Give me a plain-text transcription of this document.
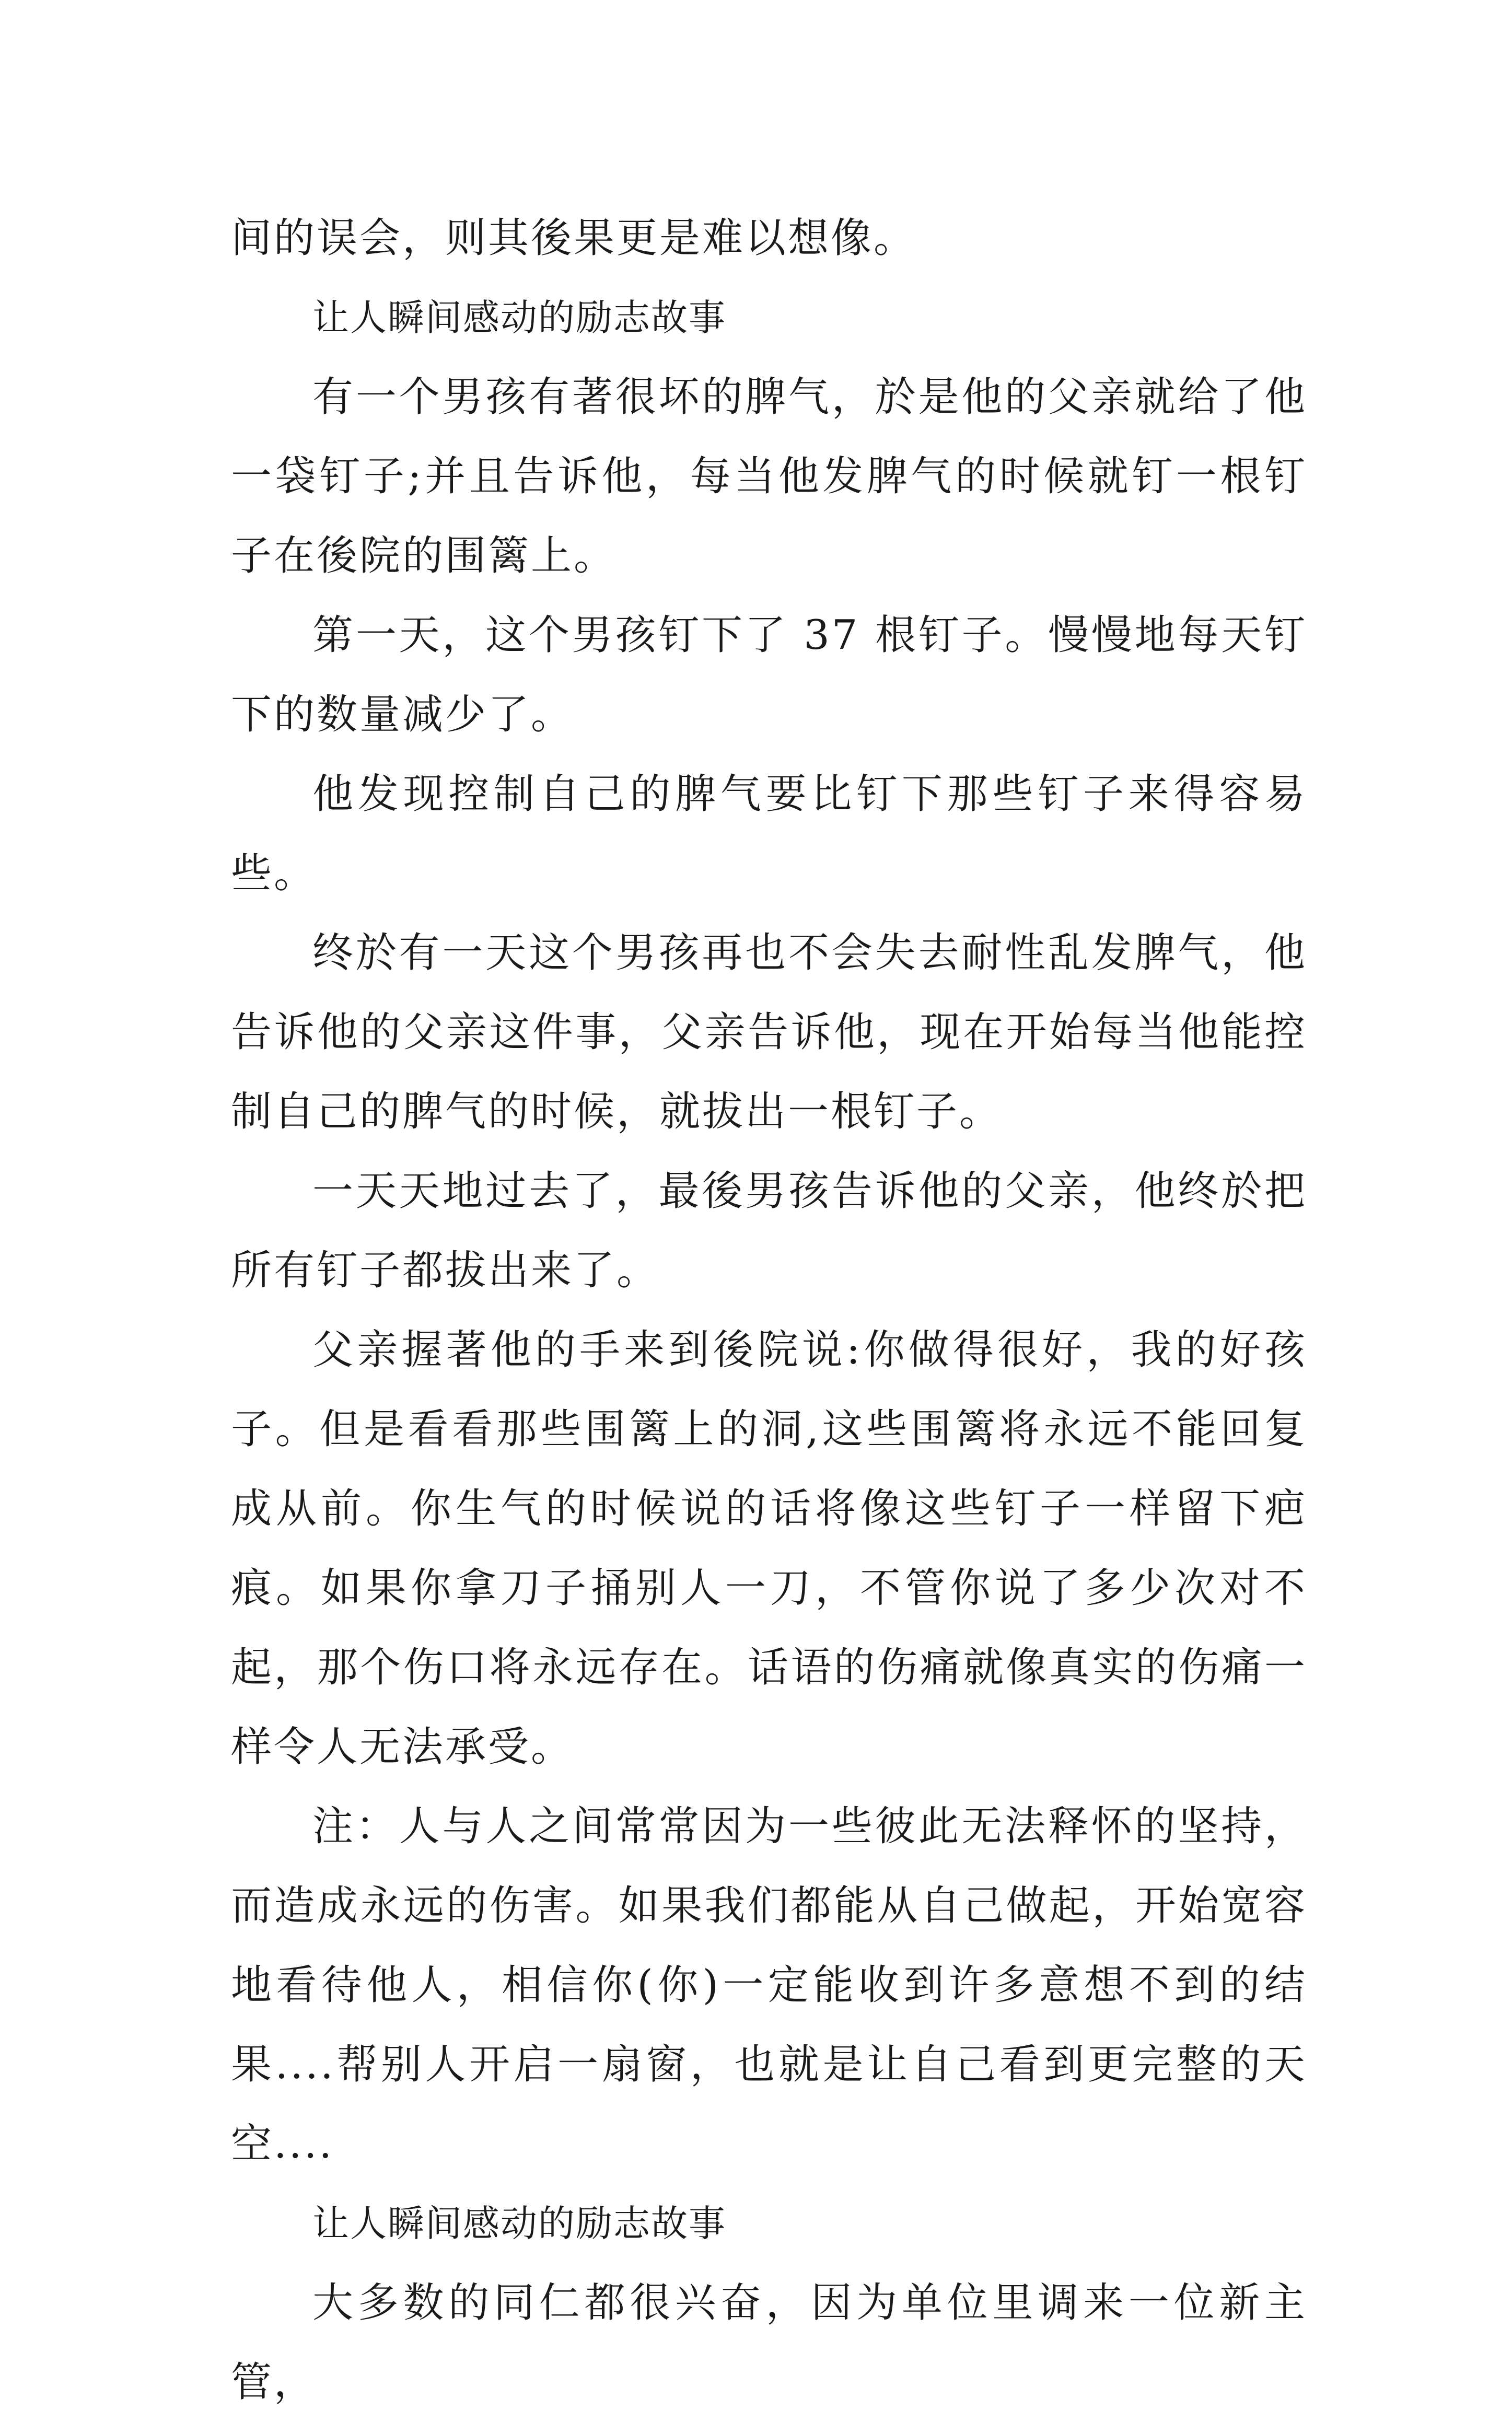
间的误会，则其後果更是难以想像。

让人瞬间感动的励志故事

有一个男孩有著很坏的脾气，於是他的父亲就给了他一袋钉子;并且告诉他，每当他发脾气的时候就钉一根钉子在後院的围篱上。

第一天，这个男孩钉下了 37 根钉子。慢慢地每天钉下的数量减少了。

他发现控制自己的脾气要比钉下那些钉子来得容易些。

终於有一天这个男孩再也不会失去耐性乱发脾气，他告诉他的父亲这件事，父亲告诉他，现在开始每当他能控制自己的脾气的时候，就拔出一根钉子。

一天天地过去了，最後男孩告诉他的父亲，他终於把所有钉子都拔出来了。

父亲握著他的手来到後院说:你做得很好，我的好孩子。但是看看那些围篱上的洞,这些围篱将永远不能回复成从前。你生气的时候说的话将像这些钉子一样留下疤痕。如果你拿刀子捅别人一刀，不管你说了多少次对不起，那个伤口将永远存在。话语的伤痛就像真实的伤痛一样令人无法承受。

注：人与人之间常常因为一些彼此无法释怀的坚持，而造成永远的伤害。如果我们都能从自己做起，开始宽容地看待他人，相信你(你)一定能收到许多意想不到的结果....帮别人开启一扇窗，也就是让自己看到更完整的天空....

让人瞬间感动的励志故事

大多数的同仁都很兴奋，因为单位里调来一位新主管，
